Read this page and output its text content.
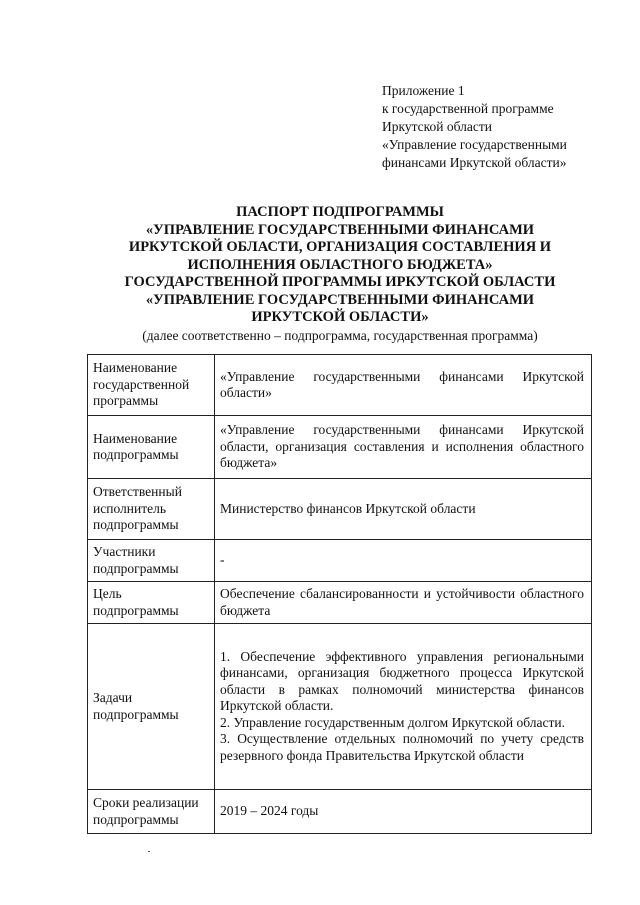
Приложение 1
к государственной программе
Иркутской области
«Управление государственными
финансами Иркутской области»
ПАСПОРТ ПОДПРОГРАММЫ
«УПРАВЛЕНИЕ ГОСУДАРСТВЕННЫМИ ФИНАНСАМИ
ИРКУТСКОЙ ОБЛАСТИ, ОРГАНИЗАЦИЯ СОСТАВЛЕНИЯ И
ИСПОЛНЕНИЯ ОБЛАСТНОГО БЮДЖЕТА»
ГОСУДАРСТВЕННОЙ ПРОГРАММЫ ИРКУТСКОЙ ОБЛАСТИ
«УПРАВЛЕНИЕ ГОСУДАРСТВЕННЫМИ ФИНАНСАМИ
ИРКУТСКОЙ ОБЛАСТИ»
(далее соответственно – подпрограмма, государственная программа)
Наименование государственной программы	«Управление государственными финансами Иркутской области»
Наименование подпрограммы	«Управление государственными финансами Иркутской области, организация составления и исполнения областного бюджета»
Ответственный исполнитель подпрограммы	Министерство финансов Иркутской области
Участники подпрограммы	-
Цель подпрограммы	Обеспечение сбалансированности и устойчивости областного бюджета
Задачи подпрограммы	1. Обеспечение эффективного управления региональными финансами, организация бюджетного процесса Иркутской области в рамках полномочий министерства финансов Иркутской области.

2. Управление государственным долгом Иркутской области.

3. Осуществление отдельных полномочий по учету средств резервного фонда Правительства Иркутской области

Сроки реализации подпрограммы	2019 – 2024 годы
